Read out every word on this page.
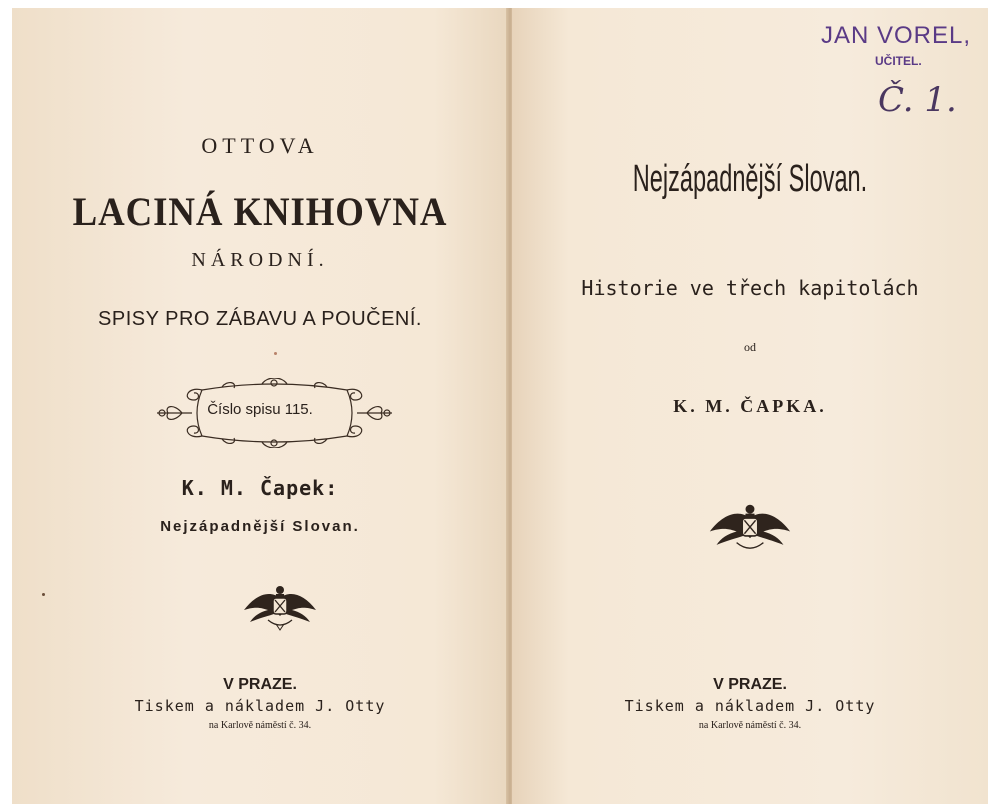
OTTOVA
LACINÁ KNIHOVNA
NÁRODNÍ.
SPISY PRO ZÁBAVU A POUČENÍ.
Číslo spisu 115.
K. M. Čapek:
Nejzápadnější Slovan.
V PRAZE.
Tiskem a nákladem J. Otty
na Karlově náměstí č. 34.
JAN VOREL,
UČITEL.
Č. 1.
Nejzápadnější Slovan.
Historie ve třech kapitolách
od
K. M. ČAPKA.
V PRAZE.
Tiskem a nákladem J. Otty
na Karlově náměstí č. 34.
